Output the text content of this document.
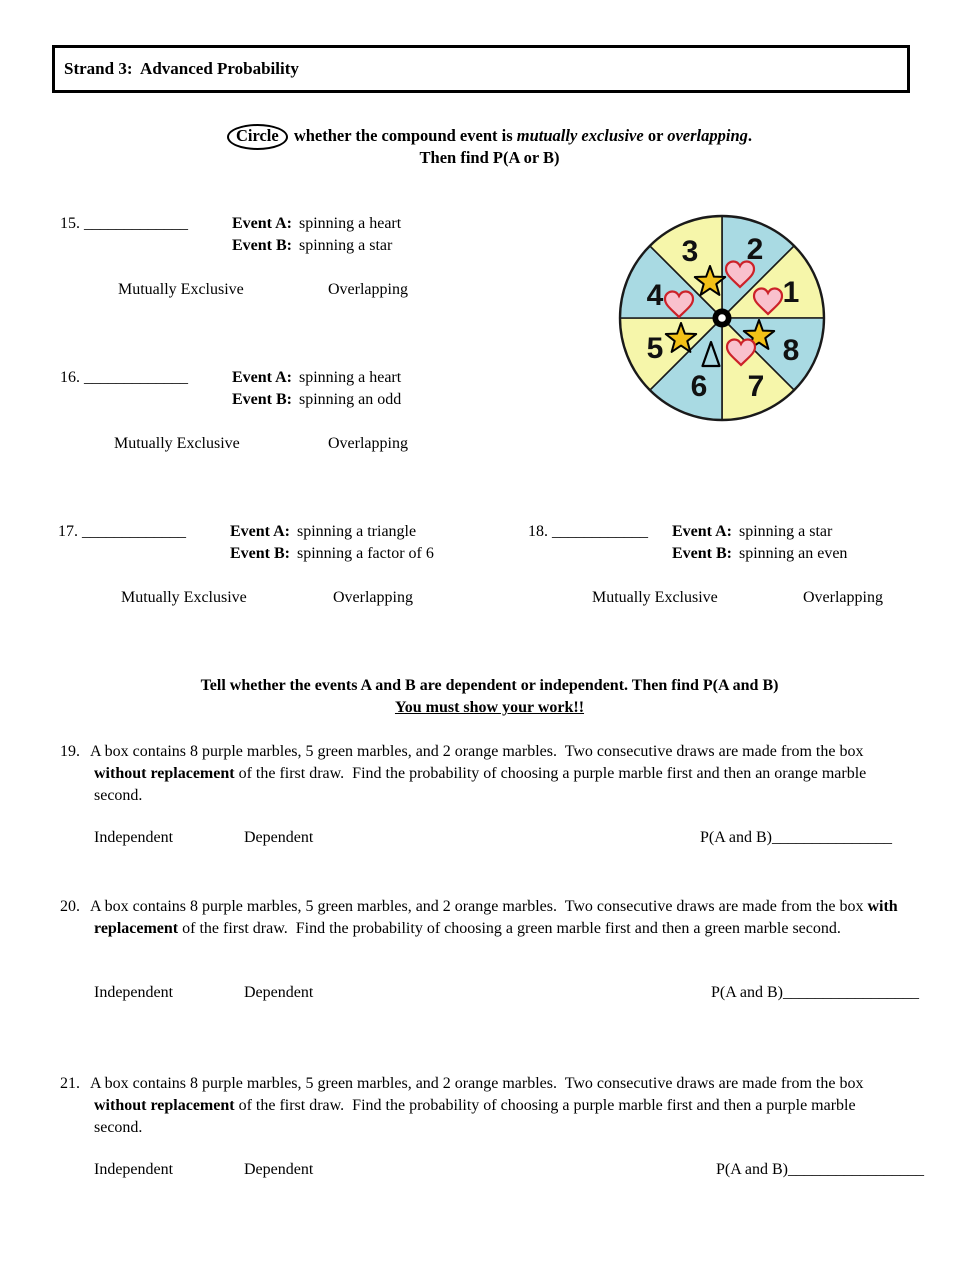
Strand 3:  Advanced Probability
Circle whether the compound event is mutually exclusive or overlapping.
Then find P(A or B)
15. _____________	Event A: spinning a heart
Event B: spinning a star
Mutually Exclusive	Overlapping
16. _____________	Event A: spinning a heart
Event B: spinning an odd
Mutually Exclusive	Overlapping
17. _____________	Event A: spinning a triangle
Event B: spinning a factor of 6
Mutually Exclusive	Overlapping
18. ____________ Event A: spinning a star
Event B: spinning an even
Mutually Exclusive	Overlapping
1
2
3
4
5
6 7
8
Tell whether the events A and B are dependent or independent. Then find P(A and B)
You must show your work!!
19. A box contains 8 purple marbles, 5 green marbles, and 2 orange marbles.  Two consecutive draws are made from the box without replacement of the first draw.  Find the probability of choosing a purple marble first and then an orange marble second.
Independent	Dependent	P(A and B)_______________
20. A box contains 8 purple marbles, 5 green marbles, and 2 orange marbles.  Two consecutive draws are made from the box with replacement of the first draw.  Find the probability of choosing a green marble first and then a green marble second.
Independent	Dependent	P(A and B)_________________
21. A box contains 8 purple marbles, 5 green marbles, and 2 orange marbles.  Two consecutive draws are made from the box without replacement of the first draw.  Find the probability of choosing a purple marble first and then a purple marble second.
Independent	Dependent	P(A and B)_________________
